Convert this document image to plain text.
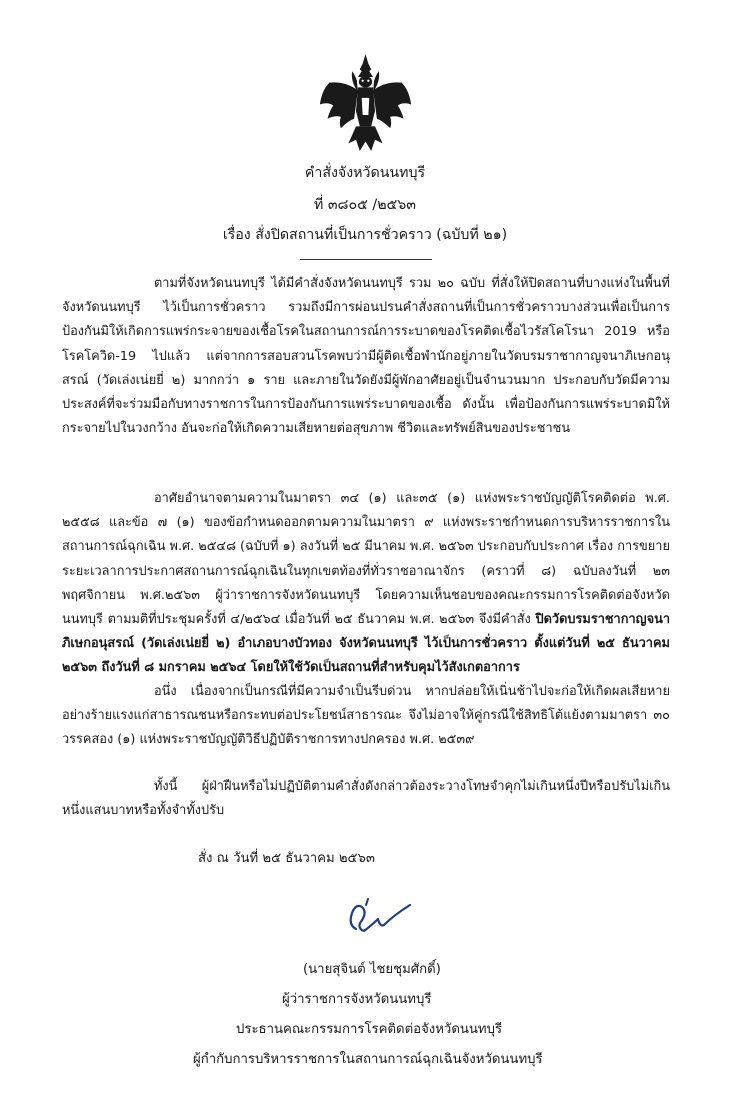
คำสั่งจังหวัดนนทบุรี
ที่ ๓๘๐๕ /๒๕๖๓
เรื่อง สั่งปิดสถานที่เป็นการชั่วคราว (ฉบับที่ ๒๑)
ตามที่จังหวัดนนทบุรี ได้มีคำสั่งจังหวัดนนทบุรี รวม ๒๐ ฉบับ ที่สั่งให้ปิดสถานที่บางแห่งในพื้นที่จังหวัดนนทบุรี ไว้เป็นการชั่วคราว รวมถึงมีการผ่อนปรนคำสั่งสถานที่เป็นการชั่วคราวบางส่วนเพื่อเป็นการป้องกันมิให้เกิดการแพร่กระจายของเชื้อโรคในสถานการณ์การระบาดของโรคติดเชื้อไวรัสโคโรนา 2019 หรือโรคโควิด-19 ไปแล้ว แต่จากการสอบสวนโรคพบว่ามีผู้ติดเชื้อพำนักอยู่ภายในวัดบรมราชากาญจนาภิเษกอนุสรณ์ (วัดเล่งเน่ยยี่ ๒) มากกว่า ๑ ราย และภายในวัดยังมีผู้พักอาศัยอยู่เป็นจำนวนมาก ประกอบกับวัดมีความประสงค์ที่จะร่วมมือกับทางราชการในการป้องกันการแพร่ระบาดของเชื้อ ดังนั้น เพื่อป้องกันการแพร่ระบาดมิให้กระจายไปในวงกว้าง อันจะก่อให้เกิดความเสียหายต่อสุขภาพ ชีวิตและทรัพย์สินของประชาชน
อาศัยอำนาจตามความในมาตรา ๓๔ (๑) และ๓๕ (๑) แห่งพระราชบัญญัติโรคติดต่อ พ.ศ. ๒๕๕๘ และข้อ ๗ (๑) ของข้อกำหนดออกตามความในมาตรา ๙ แห่งพระราชกำหนดการบริหารราชการในสถานการณ์ฉุกเฉิน พ.ศ. ๒๕๔๘ (ฉบับที่ ๑) ลงวันที่ ๒๕ มีนาคม พ.ศ. ๒๕๖๓ ประกอบกับประกาศ เรื่อง การขยายระยะเวลาการประกาศสถานการณ์ฉุกเฉินในทุกเขตท้องที่ทั่วราชอาณาจักร (คราวที่ ๘) ฉบับลงวันที่ ๒๓ พฤศจิกายน พ.ศ.๒๕๖๓ ผู้ว่าราชการจังหวัดนนทบุรี โดยความเห็นชอบของคณะกรรมการโรคติดต่อจังหวัดนนทบุรี ตามมติที่ประชุมครั้งที่ ๔/๒๕๖๔ เมื่อวันที่ ๒๕ ธันวาคม พ.ศ. ๒๕๖๓ จึงมีคำสั่ง ปิดวัดบรมราชากาญจนาภิเษกอนุสรณ์ (วัดเล่งเน่ยยี่ ๒) อำเภอบางบัวทอง จังหวัดนนทบุรี ไว้เป็นการชั่วคราว ตั้งแต่วันที่ ๒๕ ธันวาคม ๒๕๖๓ ถึงวันที่ ๘ มกราคม ๒๕๖๔ โดยให้ใช้วัดเป็นสถานที่สำหรับคุมไว้สังเกตอาการ
อนึ่ง เนื่องจากเป็นกรณีที่มีความจำเป็นรีบด่วน หากปล่อยให้เนิ่นช้าไปจะก่อให้เกิดผลเสียหายอย่างร้ายแรงแก่สาธารณชนหรือกระทบต่อประโยชน์สาธารณะ จึงไม่อาจให้คู่กรณีใช้สิทธิโต้แย้งตามมาตรา ๓๐ วรรคสอง (๑) แห่งพระราชบัญญัติวิธีปฏิบัติราชการทางปกครอง พ.ศ. ๒๕๓๙
ทั้งนี้ ผู้ฝ่าฝืนหรือไม่ปฏิบัติตามคำสั่งดังกล่าวต้องระวางโทษจำคุกไม่เกินหนึ่งปีหรือปรับไม่เกินหนึ่งแสนบาทหรือทั้งจำทั้งปรับ
สั่ง ณ วันที่ ๒๕ ธันวาคม ๒๕๖๓
(นายสุจินต์ ไชยชุมศักดิ์)
ผู้ว่าราชการจังหวัดนนทบุรี
ประธานคณะกรรมการโรคติดต่อจังหวัดนนทบุรี
ผู้กำกับการบริหารราชการในสถานการณ์ฉุกเฉินจังหวัดนนทบุรี
